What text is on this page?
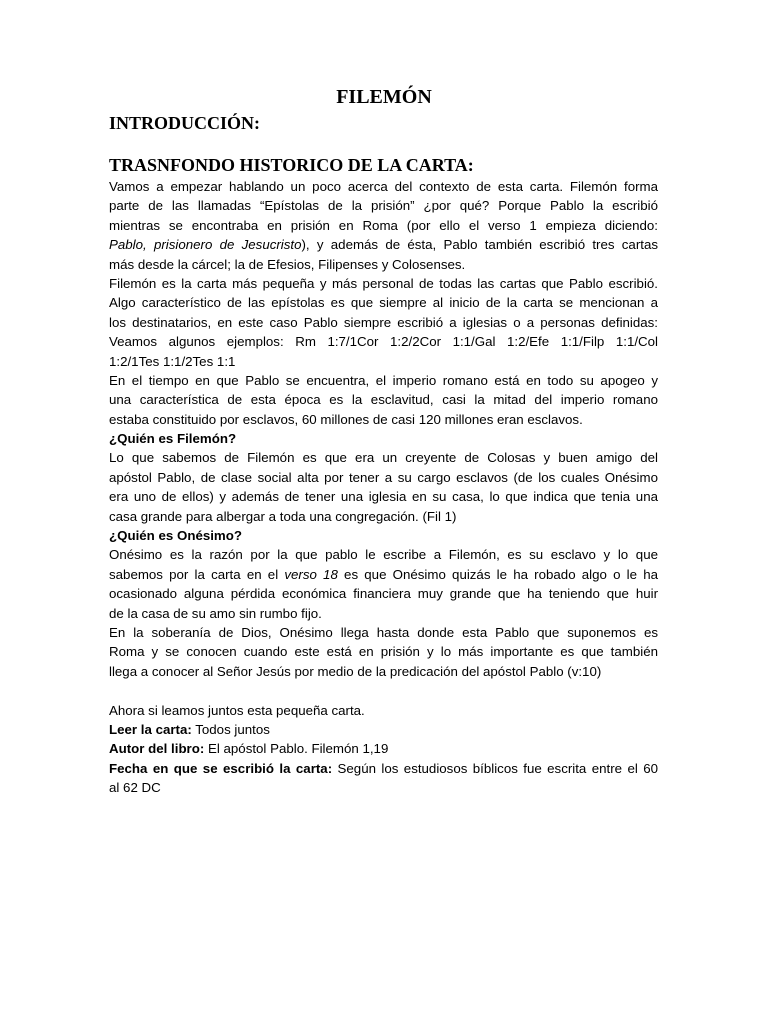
FILEMÓN
INTRODUCCIÓN:
TRASNFONDO HISTORICO DE LA CARTA:
Vamos a empezar hablando un poco acerca del contexto de esta carta. Filemón forma
parte de las llamadas “Epístolas de la prisión” ¿por qué? Porque Pablo la escribió
mientras se encontraba en prisión en Roma (por ello el verso 1 empieza diciendo:
Pablo, prisionero de Jesucristo), y además de ésta, Pablo también escribió tres cartas
más desde la cárcel; la de Efesios, Filipenses y Colosenses.
Filemón es la carta más pequeña y más personal de todas las cartas que Pablo escribió.
Algo característico de las epístolas es que siempre al inicio de la carta se mencionan a
los destinatarios, en este caso Pablo siempre escribió a iglesias o a personas definidas:
Veamos algunos ejemplos: Rm 1:7/1Cor 1:2/2Cor 1:1/Gal 1:2/Efe 1:1/Filp 1:1/Col
1:2/1Tes 1:1/2Tes 1:1
En el tiempo en que Pablo se encuentra, el imperio romano está en todo su apogeo y
una característica de esta época es la esclavitud, casi la mitad del imperio romano
estaba constituido por esclavos, 60 millones de casi 120 millones eran esclavos.
¿Quién es Filemón?
Lo que sabemos de Filemón es que era un creyente de Colosas y buen amigo del
apóstol Pablo, de clase social alta por tener a su cargo esclavos (de los cuales Onésimo
era uno de ellos) y además de tener una iglesia en su casa, lo que indica que tenia una
casa grande para albergar a toda una congregación. (Fil 1)
¿Quién es Onésimo?
Onésimo es la razón por la que pablo le escribe a Filemón, es su esclavo y lo que
sabemos por la carta en el verso 18 es que Onésimo quizás le ha robado algo o le ha
ocasionado alguna pérdida económica financiera muy grande que ha teniendo que huir
de la casa de su amo sin rumbo fijo.
En la soberanía de Dios, Onésimo llega hasta donde esta Pablo que suponemos es
Roma y se conocen cuando este está en prisión y lo más importante es que también
llega a conocer al Señor Jesús por medio de la predicación del apóstol Pablo (v:10)
Ahora si leamos juntos esta pequeña carta.
Leer la carta: Todos juntos
Autor del libro: El apóstol Pablo. Filemón 1,19
Fecha en que se escribió la carta: Según los estudiosos bíblicos fue escrita entre el 60
al 62 DC
